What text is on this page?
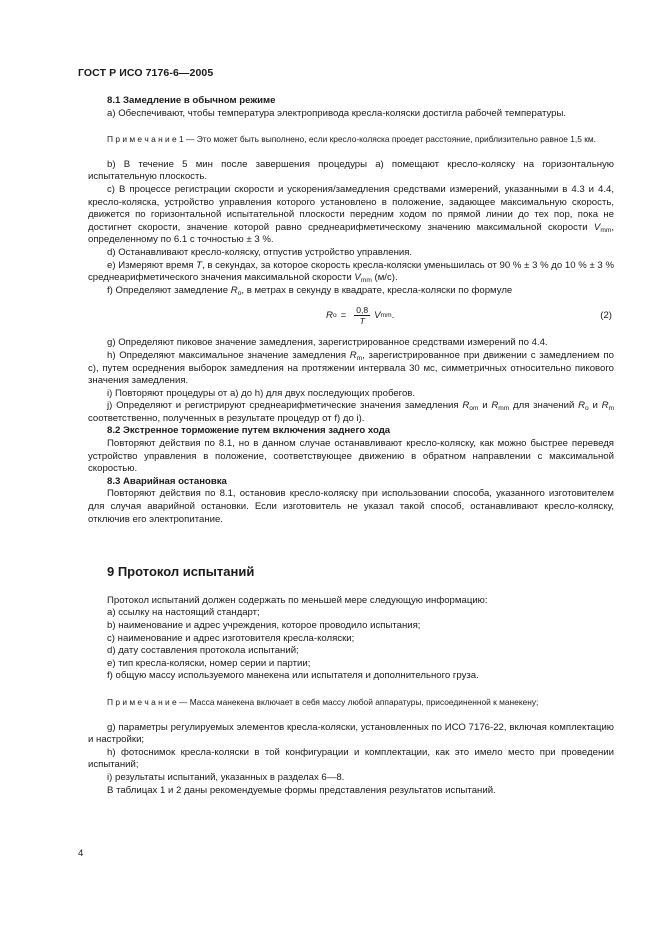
ГОСТ Р ИСО 7176-6—2005

8.1 Замедление в обычном режиме

а) Обеспечивают, чтобы температура электропривода кресла-коляски достигла рабочей температуры.

П р и м е ч а н и е 1 — Это может быть выполнено, если кресло-коляска проедет расстояние, приблизительно равное 1,5 км.

b) В течение 5 мин после завершения процедуры а) помещают кресло-коляску на горизонтальную испытательную плоскость.

c) В процессе регистрации скорости и ускорения/замедления средствами измерений, указанными в 4.3 и 4.4, кресло-коляска, устройство управления которого установлено в положение, задающее максимальную скорость, движется по горизонтальной испытательной плоскости передним ходом по прямой линии до тех пор, пока не достигнет скорости, значение которой равно среднеарифметическому значению максимальной скорости $V_{mm}$, определенному по 6.1 с точностью ± 3 %.

d) Останавливают кресло-коляску, отпустив устройство управления.

е) Измеряют время T, в секундах, за которое скорость кресла-коляски уменьшилась от 90 % ± 3 % до 10 % ± 3 % среднеарифметического значения максимальной скорости $V_{mm}$ (м/с).

f) Определяют замедление $R_o$, в метрах в секунду в квадрате, кресла-коляски по формуле

R $o = \frac{0,8}{T}$ V mm .	(2)

g) Определяют пиковое значение замедления, зарегистрированное средствами измерений по 4.4.

h) Определяют максимальное значение замедления $R_m$, зарегистрированное при движении с замедлением по с), путем осреднения выборок замедления на протяжении интервала 30 мс, симметричных относительно пикового значения замедления.

i) Повторяют процедуры от а) до h) для двух последующих пробегов.

j) Определяют и регистрируют среднеарифметические значения замедления $R_{om}$ и $R_{mm}$ для значений $R_o$ и $R_m$ соответственно, полученных в результате процедур от f) до i).

8.2 Экстренное торможение путем включения заднего хода

Повторяют действия по 8.1, но в данном случае останавливают кресло-коляску, как можно быстрее переведя устройство управления в положение, соответствующее движению в обратном направлении с максимальной скоростью.

8.3 Аварийная остановка

Повторяют действия по 8.1, остановив кресло-коляску при использовании способа, указанного изготовителем для случая аварийной остановки. Если изготовитель не указал такой способ, останавливают кресло-коляску, отключив его электропитание.

9 Протокол испытаний

Протокол испытаний должен содержать по меньшей мере следующую информацию:

а) ссылку на настоящий стандарт;

b) наименование и адрес учреждения, которое проводило испытания;

c) наименование и адрес изготовителя кресла-коляски;

d) дату составления протокола испытаний;

е) тип кресла-коляски, номер серии и партии;

f) общую массу используемого манекена или испытателя и дополнительного груза.

П р и м е ч а н и е — Масса манекена включает в себя массу любой аппаратуры, присоединенной к манекену;

g) параметры регулируемых элементов кресла-коляски, установленных по ИСО 7176-22, включая комплектацию и настройки;

h) фотоснимок кресла-коляски в той конфигурации и комплектации, как это имело место при проведении испытаний;

i) результаты испытаний, указанных в разделах 6—8.

В таблицах 1 и 2 даны рекомендуемые формы представления результатов испытаний.

4
